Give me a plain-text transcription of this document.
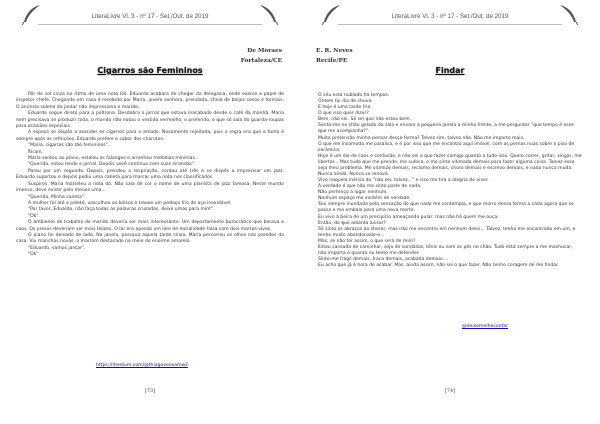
LiteraLivre Vl. 3 - nº 17 - Set./Out. de 2019
De Moraes
Fortaleza/CE
Cigarros são Femininos

Pôr do sol cinza no ritmo de uma nota Dó. Eduardo acabara de chegar da delegacia, onde exerce o papel de inspetor chefe. Chegando em casa é recebido por Maria, jovem senhora, prendada, cheia de beijos secos e formais. O anúncio solene do jantar não impressiona o marido.

Eduardo segue direto para a poltrona. Desdobra o jornal que estava inacabado desde o café da manhã. Maria nem precisava se produzir toda, o marido não notou o vestido vermelho, o preferido, o que só saía do guarda-roupas para ocasiões especiais.

A esposa se dispôs a acender os cigarros para o amado. Novamente rejeitada, pois a regra era que o fumo é sempre após as refeições. Eduardo prefere o sabor dos charutos.

"Maria, cigarros são tão femininos".

Riram.

Maria sentou ao piano, estalou as falanges e arranhou melodias mínimas.

"Querida, estou lendo o jornal. Depois você continua com suas cirandas".

Parou por um segundo. Depois, prendeu a respiração, contou até três e se dispôs a improvisar um jazz. Eduardo suportou e depois pediu uma caneta para marcar uma nota nos classificados.

Suspiros. Maria marteleu a nota dó. Não saía de cor o nome de uma pianista de jazz famosa. Neste mundo imenso, deve existir pelo menos uma...

"Querida. Minha caneta".

A mulher foi até o paletó, vasculhou os bolsos e trouxe um pedaço frio de aço inoxidável.

"Por favor, Eduardo, não faça todas as palavras cruzadas, deixe umas para mim".

"Ok".

O ambiente de trabalho do marido deveria ser mais interessante. Um departamento burocrático que berava o caos. Os presos deveriam ser mais felizes. O lar era apenas um lote de moralidade falsa com dois mortos-vivos.

O piano foi deixado de lado. Na janela, passava aquela tarde cinza. Maria percorreu os olhos nas paredes da casa. Viu manchas novas, o marrom destacado no meio do enorme amarelo.

"Eduardo, vamos jantar".

"Ok".

https://medium.com/@thiagovensamw2
[73]
LiteraLivre Vl. 3 - nº 17 - Set./Out. de 2019
E. R. Neves
Recife/PE
Findar

O céu está nublado há tempos.

Ontem foi dia de chuva.

E hoje é uma tarde fria.

O que isso quer dizer?

Bem, não sei. Só sei que não estou bem.

Sento-me no chão gelado da sala e encaro a pequena janela a minha frente, a me perguntar "que tempo é esse que me acompanha?".

Muita pretensão minha pensar dessa forma? Talvez sim, talvez não. Não me importo mais.

O que me incomoda me paralisa, e é por isso que me encontro aqui imóvel, com as pernas nuas sobre o piso de cerâmica.

Hoje é um dia de caos e confusão, e não sei o que fazer comigo quanto a tudo isso. Quero correr, gritar, xingar, me libertar... Mas tudo que me prende, me sufoca, e me sinto vitimada demais para fazer alguma coisa. Talvez esse seja meu problema. Me vitimizo demais, reclamo demais, choro demais e escrevo demais, e nada nunca muda. Nunca ainda. Nunca se renova.

Vivo naquela inércia do "não sei, talvez..." e isso me tira a alegria do viver.

A verdade é que não me sinto parte de nada.

Não pertenço a lugar nenhum.

Nenhum espaço me contém de verdade.

Sou sempre inundada pela sensação de que nada me contempla, e que morro dessa forma a cada agora que se passa e me embala para uma nova morte.

Eu vivo à beira de um precipício ameaçando pular, mas não há quem me ouça.

Então, do que adianta avisar?

Só sinto os abraços ao chorar, mas não me encontro em nenhum deles... Talvez, tenha me encontrado em um, e tenho muito abandonado-o...

Mas, se não for assim, o que será de mim?

Estou cansada de caminhar, seja de sandálias, tênis ou com os pés no chão. Tudo está sempre a me machucar, não importa o quanto eu tente me defender.

Sinto-me frágil demais, fraca demais, acabada demais....

Eu acho que já é hora de acabar. Mas, ainda assim, não sei o que fazer. Não tenho coragem de me findar.

@deixemelhecontar
[74]
